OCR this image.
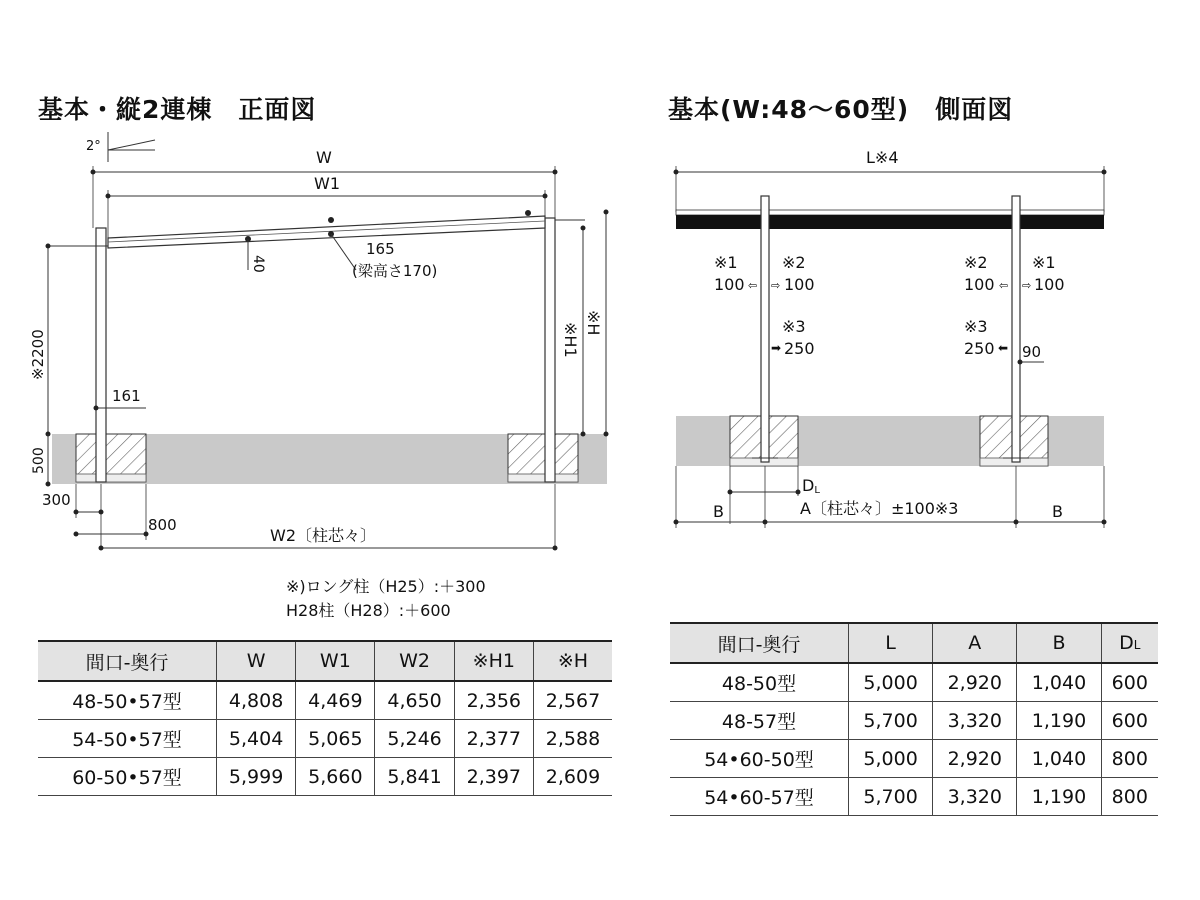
基本・縦2連棟　正面図	基本(W:48〜60型)　側面図
2°
W
W1
40
165
(梁高さ170)
※2200
500
161
※H1 ※H
300
800
W2〔柱芯々〕
※)ロング柱（H25）:＋300
H28柱（H28）:＋600
L※4
※1
100 ⇦
※2
⇨ 100
※3
➡ 250
※2
100 ⇦
※1
⇨ 100
※3
250 ⬅ 90
DL
B	A〔柱芯々〕±100※3	B
間口-奥行	W	W1	W2	※H1	※H
48-50•57型	4,808	4,469	4,650	2,356	2,567
54-50•57型	5,404	5,065	5,246	2,377	2,588
60-50•57型	5,999	5,660	5,841	2,397	2,609
間口-奥行	L	A	B	DL
48-50型	5,000	2,920	1,040	600
48-57型	5,700	3,320	1,190	600
54•60-50型	5,000	2,920	1,040	800
54•60-57型	5,700	3,320	1,190	800
